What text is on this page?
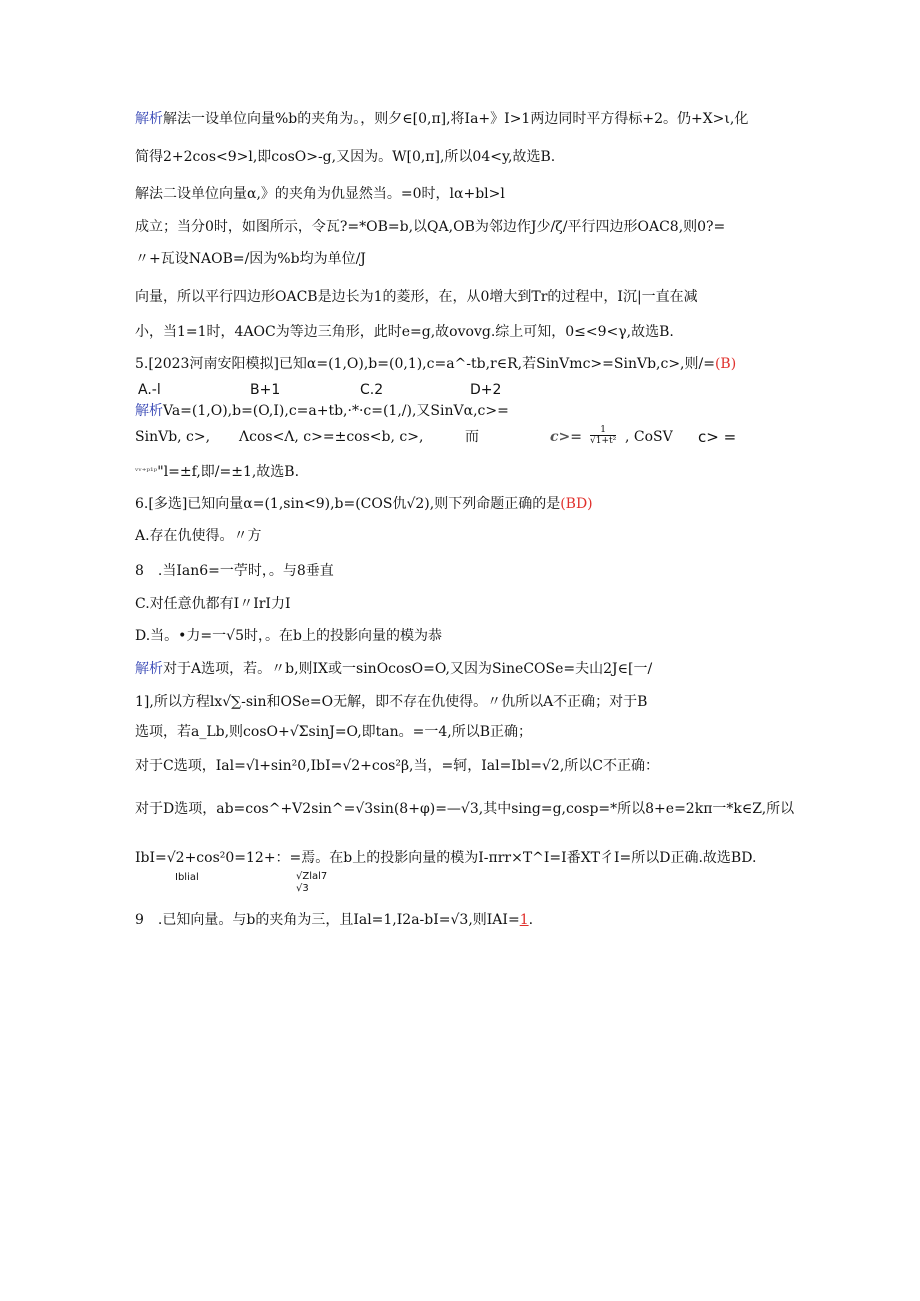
解析解法一设单位向量%b的夹角为。，则夕∈[0,π],将Ia+》I>1两边同时平方得标+2。仍+X>ι,化
简得2+2cos<9>l,即cosO>-g,又因为。W[0,π],所以04<y,故选B.
解法二设单位向量α,》的夹角为仇显然当。=0时，lα+bl>l
成立；当分0时，如图所示，令瓦?=*OB=b,以QA,OB为邻边作J少/ζ/平行四边形OAC8,则0?=
〃+瓦设NAOB=/因为%b均为单位/J
向量，所以平行四边形OACB是边长为1的菱形，在，从0增大到Tr的过程中，I沉|一直在减
小，当1=1时，4AOC为等边三角形，此时e=g,故ovovg.综上可知，0≤<9<γ,故选B.
5.[2023河南安阳模拟]已知α=(1,O),b=(0,1),c=a^-tb,r∈R,若SinVmc>=SinVb,c>,则/=(B)
A.-l	B+1	C.2	D+2
解析Va=(1,O),b=(O,I),c=a+tb,·*·c=(1,/),又SinVα,c>=
SinVb, c>, Λcos<Λ, c>=±cos<b, c>,	而	$c>= \frac{1}{\text{√1+t²}}$ , CoSV c> =
$^{ᵛᵛ^+ᵖ^1ᵖ}$"l=±f,即/=±1,故选B.
6.[多选]已知向量α=(1,sin<9),b=(COS仇√2),则下列命题正确的是(BD)
A.存在仇使得。〃方
8　.当Ian6=一苧时，。与8垂直
C.对任意仇都有I〃IrI力I
D.当。•力=一√5时，。在b上的投影向量的模为恭
解析对于A选项，若。〃b,则IX或一sinOcosO=O,又因为SineCOSe=夫山2J∈[一/
1],所以方程lx√∑-sin和OSe=O无解，即不存在仇使得。〃仇所以A不正确；对于B
选项，若a_Lb,则cosO+√ΣsinJ=O,即tan。=一4,所以B正确；
对于C选项，Ial=√l+sin²0,IbI=√2+cos²β,当，=轲，Ial=Ibl=√2,所以C不正确：
对于D选项，ab=cos^+V2sin^=√3sin(8+φ)=—√3,其中sing=g,cosp=*所以8+e=2kπ一*k∈Z,所以
IbI=√2+cos²0=12+：=焉。在b上的投影向量的模为I-πrr×T^I=I番XT彳I=所以D正确.故选BD.
Iblial	√Zlal7
√3
9　.已知向量。与b的夹角为三，且Ial=1,I2a-bI=√3,则IAI=1.
